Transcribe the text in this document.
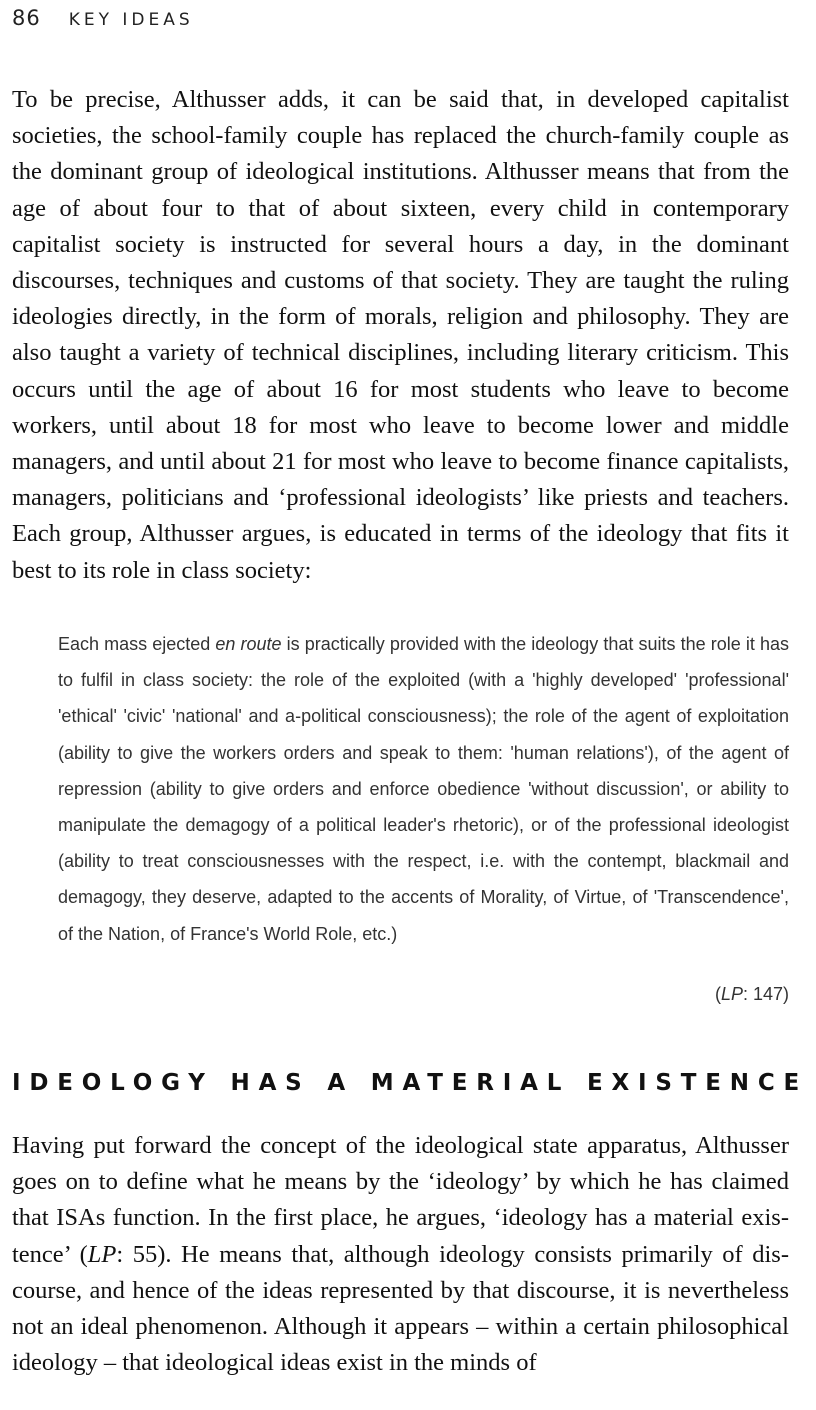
86 KEY IDEAS

To be precise, Althusser adds, it can be said that, in developed capitalist societies, the school-family couple has replaced the church-family couple as the dominant group of ideological institutions. Althusser means that from the age of about four to that of about sixteen, every child in contemporary capitalist society is instructed for several hours a day, in the dominant discourses, techniques and customs of that society. They are taught the ruling ideologies directly, in the form of morals, religion and philosophy. They are also taught a variety of technical disciplines, including literary criticism. This occurs until the age of about 16 for most students who leave to become workers, until about 18 for most who leave to become lower and middle managers, and until about 21 for most who leave to become finance capitalists, managers, politicians and ‘professional ideologists’ like priests and teachers. Each group, Althusser argues, is educated in terms of the ideology that fits it best to its role in class society:

Each mass ejected en route is practically provided with the ideology that suits the role it has to fulfil in class society: the role of the exploited (with a 'highly developed' 'professional' 'ethical' 'civic' 'national' and a-political consciousness); the role of the agent of exploitation (ability to give the workers orders and speak to them: 'human relations'), of the agent of repression (ability to give orders and enforce obedience 'without discussion', or ability to manipulate the demagogy of a political leader's rhetoric), or of the professional ideologist (ability to treat consciousnesses with the respect, i.e. with the contempt, blackmail and demagogy, they deserve, adapted to the accents of Morality, of Virtue, of 'Transcendence', of the Nation, of France's World Role, etc.)

(LP: 147)

IDEOLOGY HAS A MATERIAL EXISTENCE

Having put forward the concept of the ideological state apparatus, Althusser goes on to define what he means by the ‘ideology’ by which he has claimed that ISAs function. In the first place, he argues, ‘ideology has a material existence’ (LP: 55). He means that, although ideology consists primarily of discourse, and hence of the ideas represented by that discourse, it is nevertheless not an ideal phenomenon. Although it appears – within a certain philosophical ideology – that ideological ideas exist in the minds of
